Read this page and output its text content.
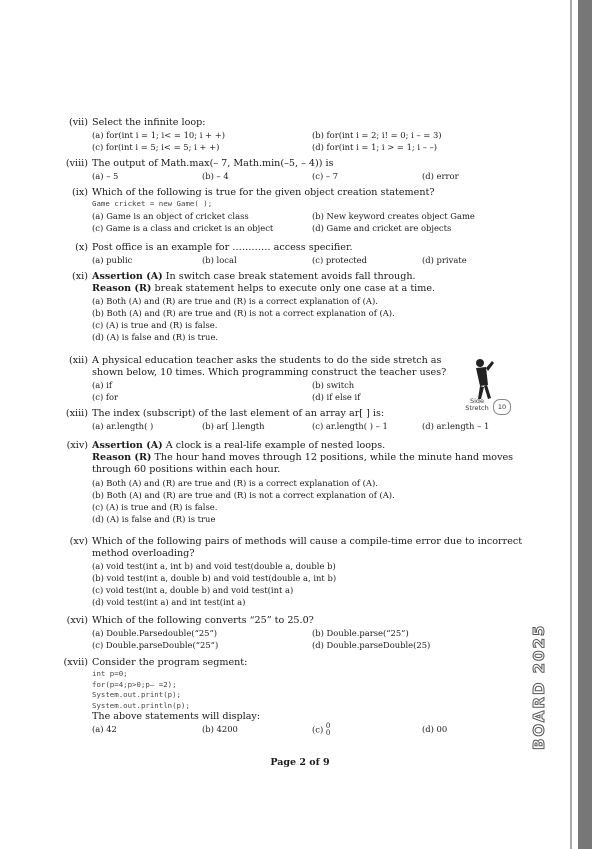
(vii) Select the infinite loop:
(a) for(int i = 1; i< = 10; i + +)	(b) for(int i = 2; i! = 0; i – = 3)
(c) for(int i = 5; i< = 5; i + +)	(d) for(int i = 1; i > = 1; i – –)
(viii) The output of Math.max(– 7, Math.min(–5, – 4)) is
(a) – 5	(b) – 4	(c) – 7	(d) error
(ix) Which of the following is true for the given object creation statement?
Game cricket = new Game( );
(a) Game is an object of cricket class	(b) New keyword creates object Game
(c) Game is a class and cricket is an object	(d) Game and cricket are objects
(x) Post office is an example for ………… access specifier.
(a) public	(b) local	(c) protected	(d) private
(xi) Assertion (A) In switch case break statement avoids fall through.
Reason (R) break statement helps to execute only one case at a time.
(a) Both (A) and (R) are true and (R) is a correct explanation of (A).
(b) Both (A) and (R) are true and (R) is not a correct explanation of (A).
(c) (A) is true and (R) is false.
(d) (A) is false and (R) is true.
(xii) A physical education teacher asks the students to do the side stretch as shown below, 10 times. Which programming construct the teacher uses?
(a) if	(b) switch
(c) for	(d) if else if	Side Stretch	10
(xiii) The index (subscript) of the last element of an array ar[ ] is:
(a) ar.length( )	(b) ar[ ].length	(c) ar.length( ) – 1	(d) ar.length – 1
(xiv) Assertion (A) A clock is a real-life example of nested loops.
Reason (R) The hour hand moves through 12 positions, while the minute hand moves through 60 positions within each hour.
(a) Both (A) and (R) are true and (R) is a correct explanation of (A).
(b) Both (A) and (R) are true and (R) is not a correct explanation of (A).
(c) (A) is true and (R) is false.
(d) (A) is false and (R) is true
(xv) Which of the following pairs of methods will cause a compile-time error due to incorrect method overloading?
(a) void test(int a, int b) and void test(double a, double b)
(b) void test(int a, double b) and void test(double a, int b)
(c) void test(int a, double b) and void test(int a)
(d) void test(int a) and int test(int a)
(xvi) Which of the following converts “25” to 25.0?
(a) Double.Parsedouble(“25”)	(b) Double.parse(“25”)
(c) Double.parseDouble(“25”)	(d) Double.parseDouble(25)
(xvii) Consider the program segment:
int p=0;
for(p=4;p>0;p– =2);
System.out.print(p);
System.out.println(p);
The above statements will display:
(a) 42	(b) 4200	(c) 0
0	(d) 00
Page 2 of 9
BOARD 2025
